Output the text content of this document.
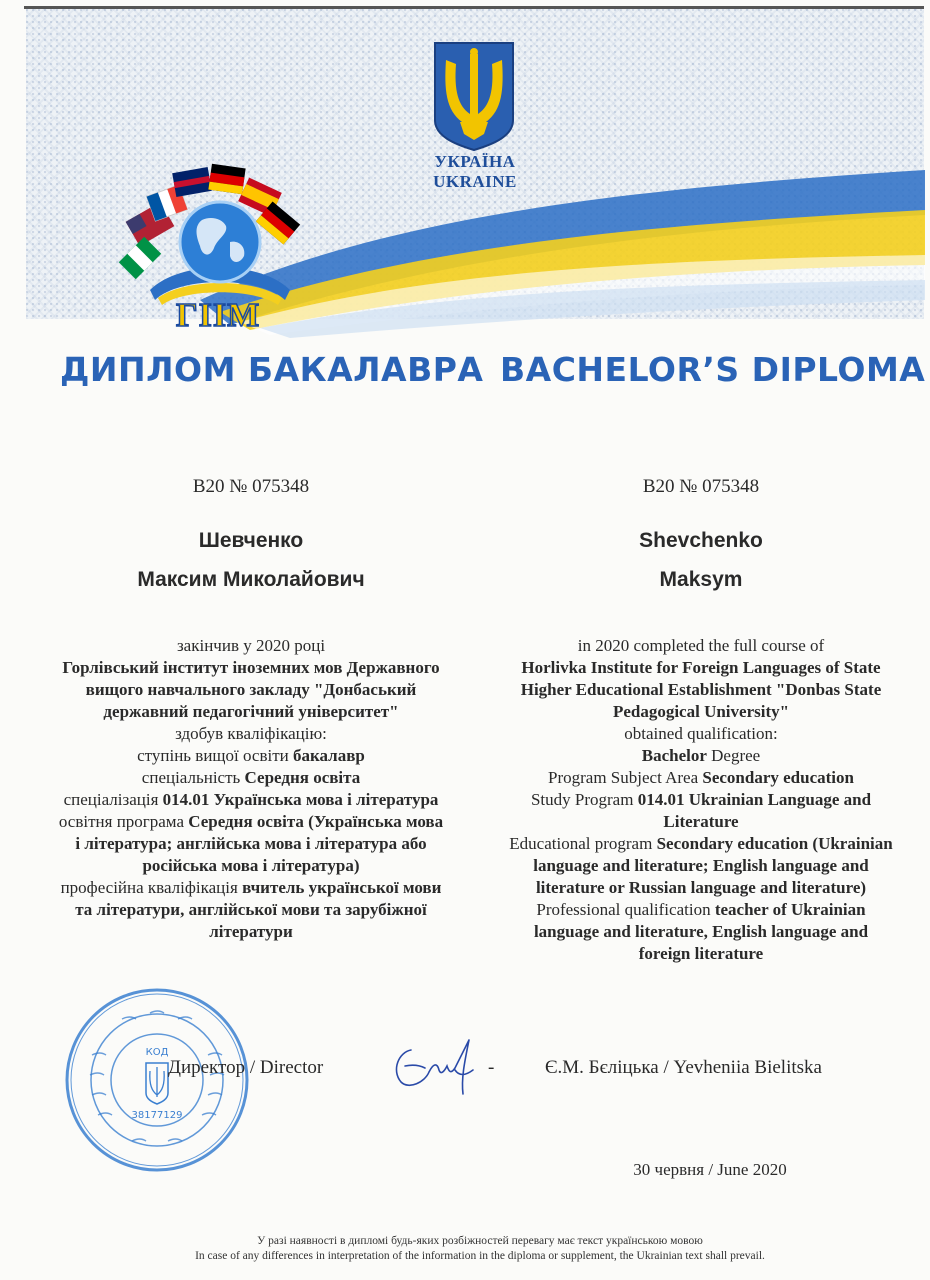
УКРАЇНА
UKRAINE
ГІІМ
ДИПЛОМ БАКАЛАВРА BACHELOR’S DIPLOMA
B20 № 075348
Шевченко
Максим Миколайович
закінчив у 2020 році
Горлівський інститут іноземних мов Державного
вищого навчального закладу "Донбаський
державний педагогічний університет"
здобув кваліфікацію:
ступінь вищої освіти бакалавр
спеціальність Середня освіта
спеціалізація 014.01 Українська мова і література
освітня програма Середня освіта (Українська мова
і література; англійська мова і література або
російська мова і література)
професійна кваліфікація вчитель української мови
та літератури, англійської мови та зарубіжної
літератури
B20 № 075348
Shevchenko
Maksym
in 2020 completed the full course of
Horlivka Institute for Foreign Languages of State
Higher Educational Establishment "Donbas State
Pedagogical University"
obtained qualification:
Bachelor Degree
Program Subject Area Secondary education
Study Program 014.01 Ukrainian Language and
Literature
Educational program Secondary education (Ukrainian
language and literature; English language and
literature or Russian language and literature)
Professional qualification teacher of Ukrainian
language and literature, English language and
foreign literature
КОД
38177129
Директор / Director	-	Є.М. Бєліцька / Yevheniia Bielitska
30 червня / June 2020
У разі наявності в дипломі будь-яких розбіжностей перевагу має текст українською мовою
In case of any differences in interpretation of the information in the diploma or supplement, the Ukrainian text shall prevail.
